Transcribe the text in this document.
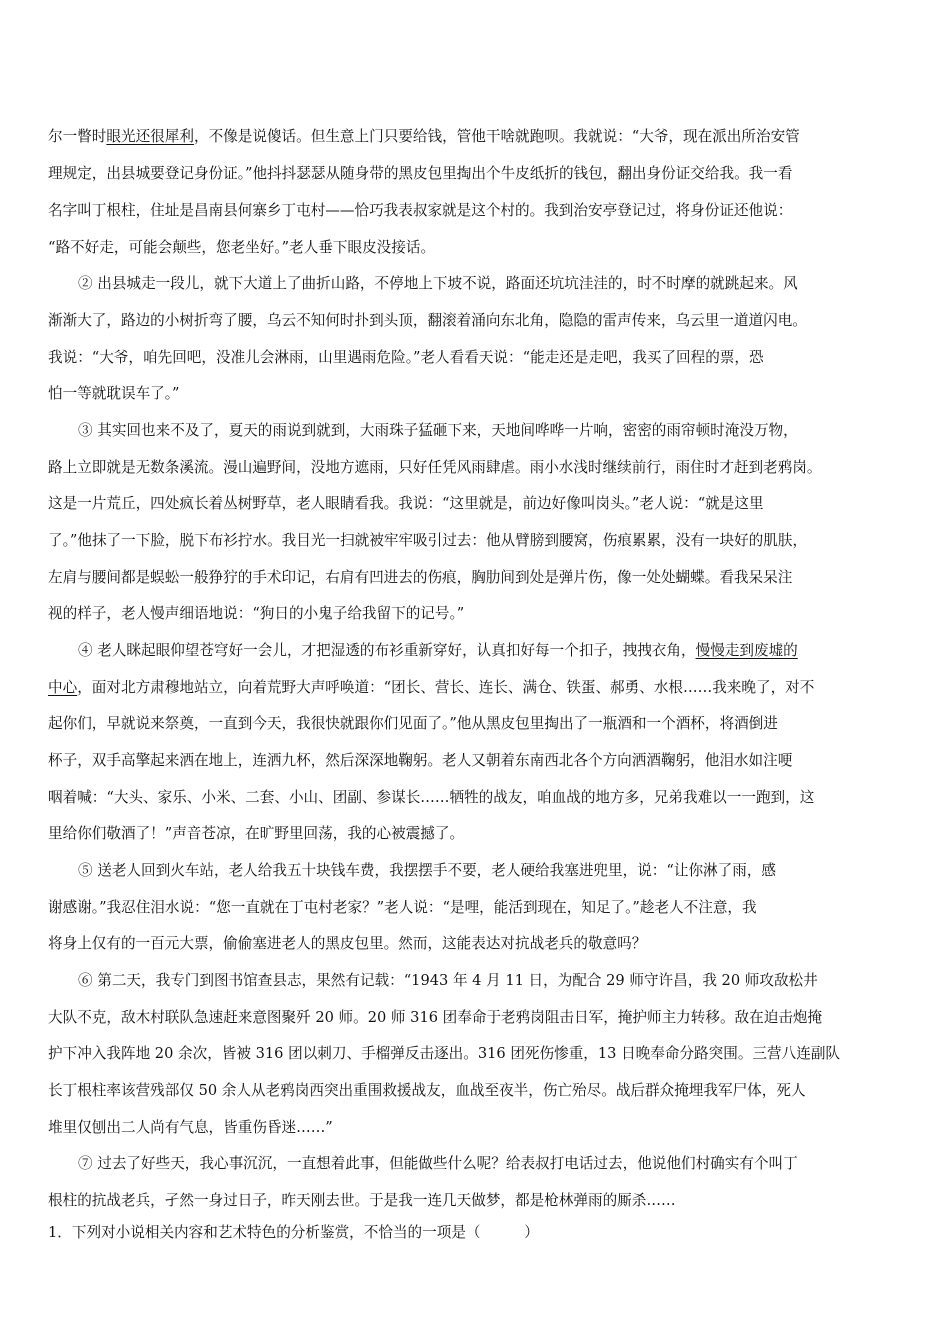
尔一瞥时眼光还很犀利，不像是说傻话。但生意上门只要给钱，管他干啥就跑呗。我就说：“大爷，现在派出所治安管
理规定，出县城要登记身份证。”他抖抖瑟瑟从随身带的黑皮包里掏出个牛皮纸折的钱包，翻出身份证交给我。我一看
名字叫丁根柱，住址是昌南县何寨乡丁屯村——恰巧我表叔家就是这个村的。我到治安亭登记过，将身份证还他说：
“路不好走，可能会颠些，您老坐好。”老人垂下眼皮没接话。
② 出县城走一段儿，就下大道上了曲折山路，不停地上下坡不说，路面还坑坑洼洼的，时不时摩的就跳起来。风
渐渐大了，路边的小树折弯了腰，乌云不知何时扑到头顶，翻滚着涌向东北角，隐隐的雷声传来，乌云里一道道闪电。
我说：“大爷，咱先回吧，没准儿会淋雨，山里遇雨危险。”老人看看天说：“能走还是走吧，我买了回程的票，恐
怕一等就耽误车了。”
③ 其实回也来不及了，夏天的雨说到就到，大雨珠子猛砸下来，天地间哗哗一片响，密密的雨帘顿时淹没万物，
路上立即就是无数条溪流。漫山遍野间，没地方遮雨，只好任凭风雨肆虐。雨小水浅时继续前行，雨住时才赶到老鸦岗。
这是一片荒丘，四处疯长着丛树野草，老人眼睛看我。我说：“这里就是，前边好像叫岗头。”老人说：“就是这里
了。”他抹了一下脸，脱下布衫拧水。我目光一扫就被牢牢吸引过去：他从臂膀到腰窝，伤痕累累，没有一块好的肌肤，
左肩与腰间都是蜈蚣一般狰狞的手术印记，右肩有凹进去的伤痕，胸肋间到处是弹片伤，像一处处蝴蝶。看我呆呆注
视的样子，老人慢声细语地说：“狗日的小鬼子给我留下的记号。”
④ 老人眯起眼仰望苍穹好一会儿，才把湿透的布衫重新穿好，认真扣好每一个扣子，拽拽衣角，慢慢走到废墟的
中心，面对北方肃穆地站立，向着荒野大声呼唤道：“团长、营长、连长、满仓、铁蛋、郝勇、水根……我来晚了，对不
起你们，早就说来祭奠，一直到今天，我很快就跟你们见面了。”他从黑皮包里掏出了一瓶酒和一个酒杯，将酒倒进
杯子，双手高擎起来洒在地上，连洒九杯，然后深深地鞠躬。老人又朝着东南西北各个方向洒酒鞠躬，他泪水如注哽
咽着喊：“大头、家乐、小米、二套、小山、团副、参谋长……牺牲的战友，咱血战的地方多，兄弟我难以一一跑到，这
里给你们敬酒了！”声音苍凉，在旷野里回荡，我的心被震撼了。
⑤ 送老人回到火车站，老人给我五十块钱车费，我摆摆手不要，老人硬给我塞进兜里，说：“让你淋了雨，感
谢感谢。”我忍住泪水说：“您一直就在丁屯村老家？”老人说：“是哩，能活到现在，知足了。”趁老人不注意，我
将身上仅有的一百元大票，偷偷塞进老人的黑皮包里。然而，这能表达对抗战老兵的敬意吗？
⑥ 第二天，我专门到图书馆查县志，果然有记载：“1943 年 4 月 11 日，为配合 29 师守许昌，我 20 师攻敌松井
大队不克，敌木村联队急速赶来意图聚歼 20 师。20 师 316 团奉命于老鸦岗阻击日军，掩护师主力转移。敌在迫击炮掩
护下冲入我阵地 20 余次，皆被 316 团以刺刀、手榴弹反击逐出。316 团死伤惨重，13 日晚奉命分路突围。三营八连副队
长丁根柱率该营残部仅 50 余人从老鸦岗西突出重围救援战友，血战至夜半，伤亡殆尽。战后群众掩埋我军尸体，死人
堆里仅刨出二人尚有气息，皆重伤昏迷……”
⑦ 过去了好些天，我心事沉沉，一直想着此事，但能做些什么呢？给表叔打电话过去，他说他们村确实有个叫丁
根柱的抗战老兵，孑然一身过日子，昨天刚去世。于是我一连几天做梦，都是枪林弹雨的厮杀……
1．下列对小说相关内容和艺术特色的分析鉴赏，不恰当的一项是（　　　）
